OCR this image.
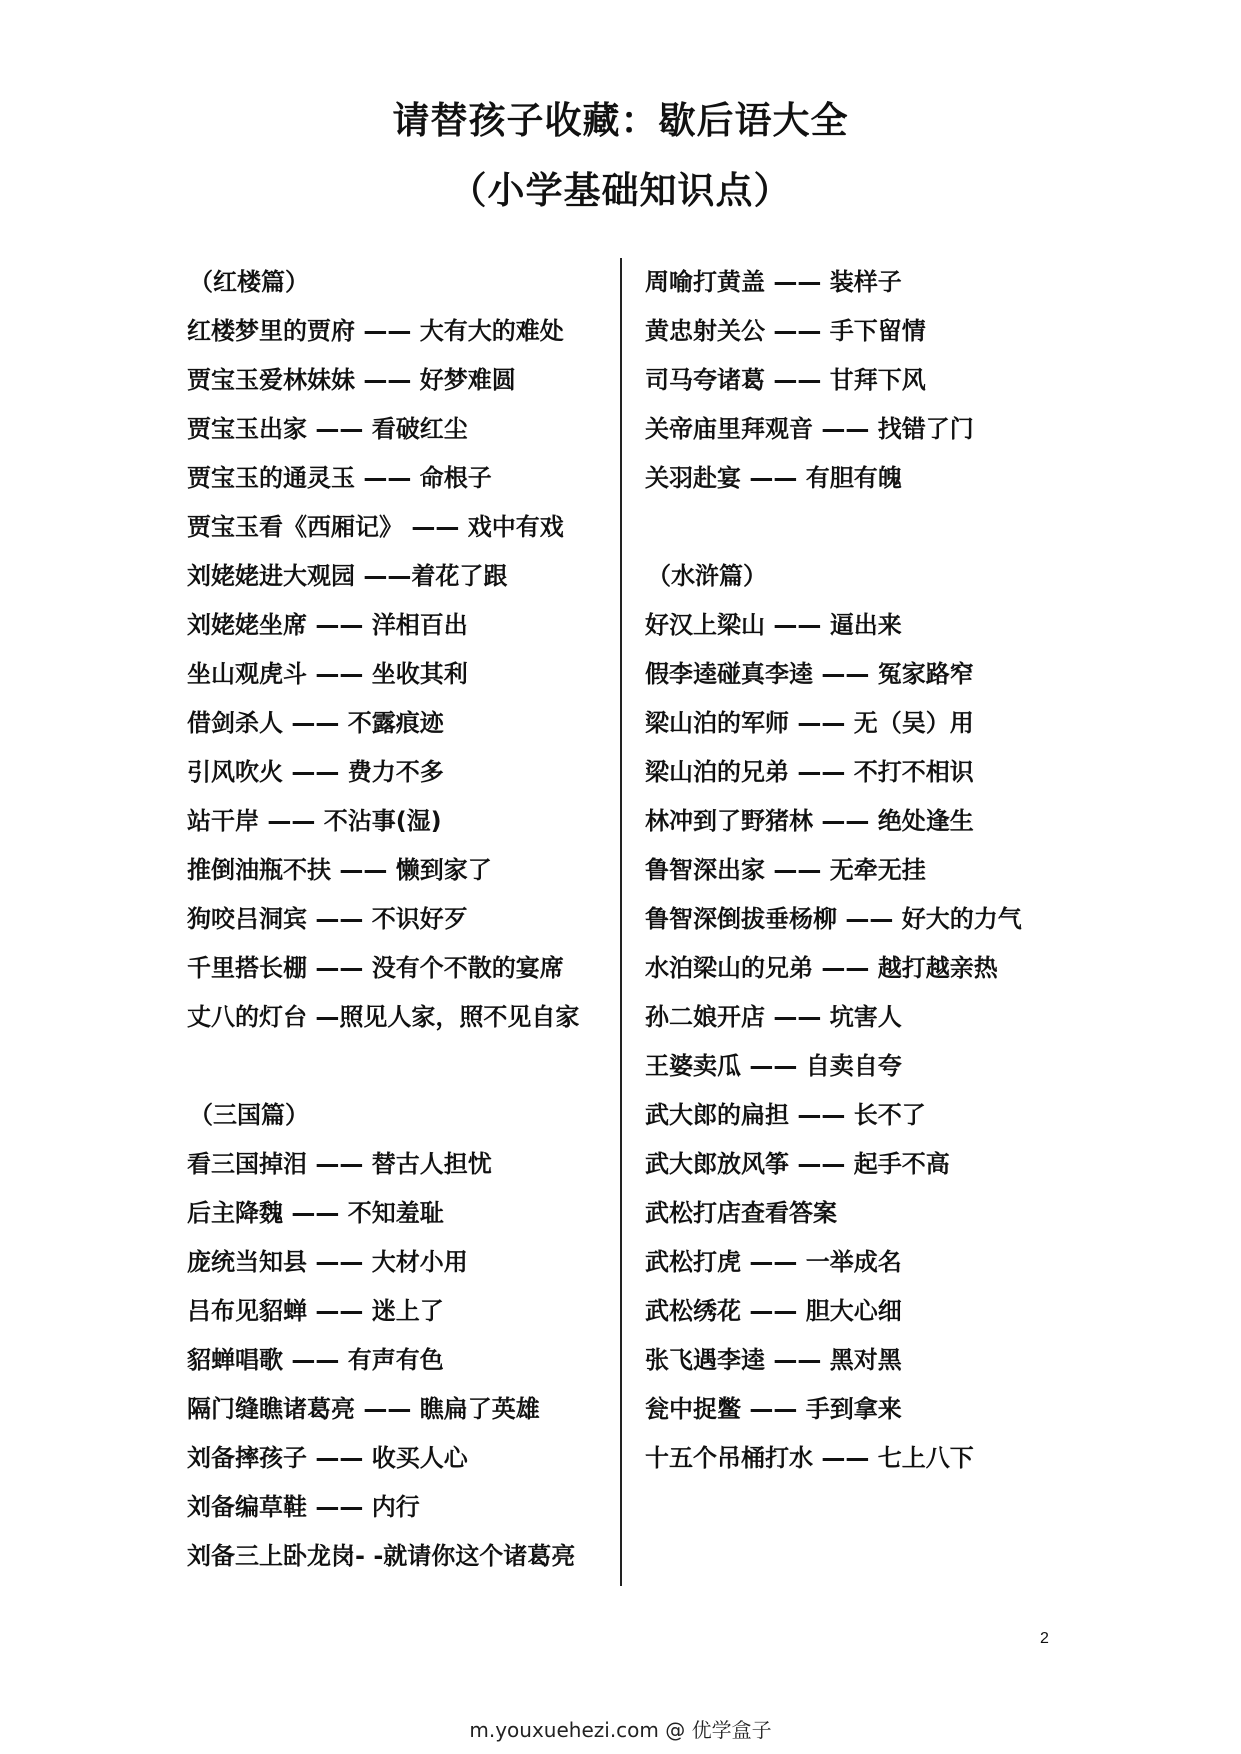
请替孩子收藏：歇后语大全
（小学基础知识点）
（红楼篇）
红楼梦里的贾府 —— 大有大的难处
贾宝玉爱林妹妹 —— 好梦难圆
贾宝玉出家 —— 看破红尘
贾宝玉的通灵玉 —— 命根子
贾宝玉看《西厢记》 —— 戏中有戏
刘姥姥进大观园 ——着花了跟
刘姥姥坐席 —— 洋相百出
坐山观虎斗 —— 坐收其利
借剑杀人 —— 不露痕迹
引风吹火 —— 费力不多
站干岸 —— 不沾事(湿)
推倒油瓶不扶 —— 懒到家了
狗咬吕洞宾 —— 不识好歹
千里搭长棚 —— 没有个不散的宴席
丈八的灯台 —照见人家，照不见自家
（三国篇）
看三国掉泪 —— 替古人担忧
后主降魏 —— 不知羞耻
庞统当知县 —— 大材小用
吕布见貂蝉 —— 迷上了
貂蝉唱歌 —— 有声有色
隔门缝瞧诸葛亮 —— 瞧扁了英雄
刘备摔孩子 —— 收买人心
刘备编草鞋 —— 内行
刘备三上卧龙岗- -就请你这个诸葛亮
周喻打黄盖 —— 装样子
黄忠射关公 —— 手下留情
司马夸诸葛 —— 甘拜下风
关帝庙里拜观音 —— 找错了门
关羽赴宴 —— 有胆有魄
（水浒篇）
好汉上梁山 —— 逼出来
假李逵碰真李逵 —— 冤家路窄
梁山泊的军师 —— 无（吴）用
梁山泊的兄弟 —— 不打不相识
林冲到了野猪林 —— 绝处逢生
鲁智深出家 —— 无牵无挂
鲁智深倒拔垂杨柳 —— 好大的力气
水泊梁山的兄弟 —— 越打越亲热
孙二娘开店 —— 坑害人
王婆卖瓜 —— 自卖自夸
武大郎的扁担 —— 长不了
武大郎放风筝 —— 起手不高
武松打店查看答案
武松打虎 —— 一举成名
武松绣花 —— 胆大心细
张飞遇李逵 —— 黑对黑
瓮中捉鳖 —— 手到拿来
十五个吊桶打水 —— 七上八下
2
m.youxuehezi.com @ 优学盒子
